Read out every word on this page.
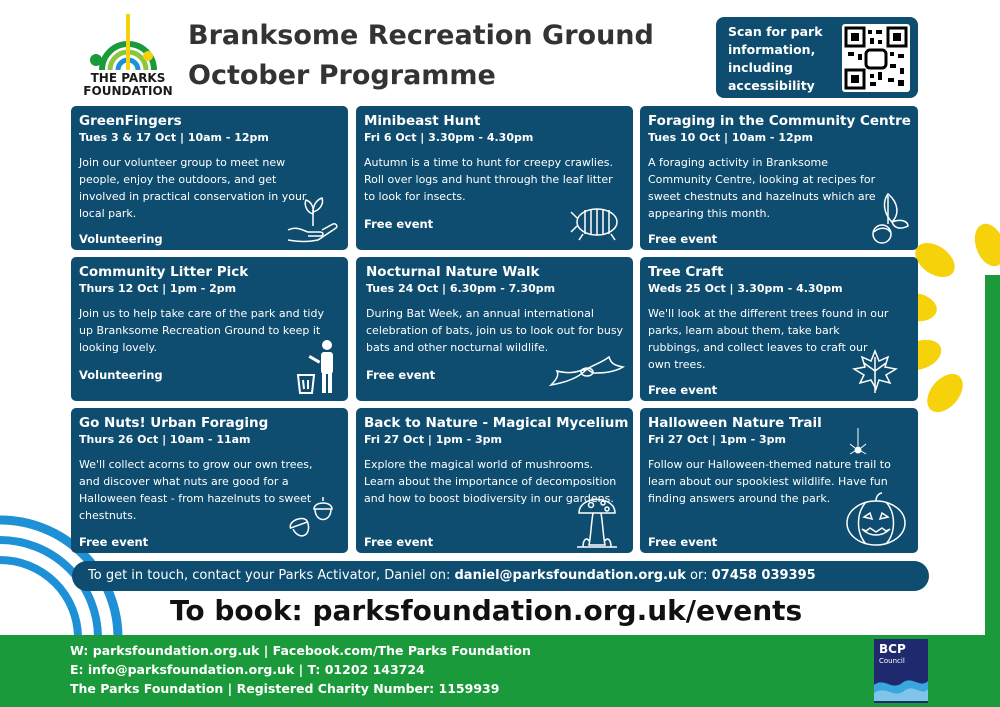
THE PARKS
FOUNDATION
Branksome Recreation Ground
October Programme
Scan for park information, including accessibility
GreenFingers
Tues 3 & 17 Oct | 10am - 12pm
Join our volunteer group to meet new people, enjoy the outdoors, and get involved in practical conservation in your local park.
Volunteering
Minibeast Hunt
Fri 6 Oct | 3.30pm - 4.30pm
Autumn is a time to hunt for creepy crawlies. Roll over logs and hunt through the leaf litter to look for insects.
Free event
Foraging in the Community Centre
Tues 10 Oct | 10am - 12pm
A foraging activity in Branksome Community Centre, looking at recipes for sweet chestnuts and hazelnuts which are appearing this month.
Free event
Community Litter Pick
Thurs 12 Oct | 1pm - 2pm
Join us to help take care of the park and tidy up Branksome Recreation Ground to keep it looking lovely.
Volunteering
Nocturnal Nature Walk
Tues 24 Oct | 6.30pm - 7.30pm
During Bat Week, an annual international celebration of bats, join us to look out for busy bats and other nocturnal wildlife.
Free event
Tree Craft
Weds 25 Oct | 3.30pm - 4.30pm
We'll look at the different trees found in our parks, learn about them, take bark rubbings, and collect leaves to craft our own trees.
Free event
Go Nuts! Urban Foraging
Thurs 26 Oct | 10am - 11am
We'll collect acorns to grow our own trees, and discover what nuts are good for a Halloween feast - from hazelnuts to sweet chestnuts.
Free event
Back to Nature - Magical Mycelium
Fri 27 Oct | 1pm - 3pm
Explore the magical world of mushrooms. Learn about the importance of decomposition and how to boost biodiversity in our gardens.
Free event
Halloween Nature Trail
Fri 27 Oct | 1pm - 3pm
Follow our Halloween-themed nature trail to learn about our spookiest wildlife. Have fun finding answers around the park.
Free event
To get in touch, contact your Parks Activator, Daniel on: daniel@parksfoundation.org.uk or: 07458 039395
To book: parksfoundation.org.uk/events
W: parksfoundation.org.uk | Facebook.com/The Parks Foundation
E: info@parksfoundation.org.uk | T: 01202 143724
The Parks Foundation | Registered Charity Number: 1159939
BCP
Council
